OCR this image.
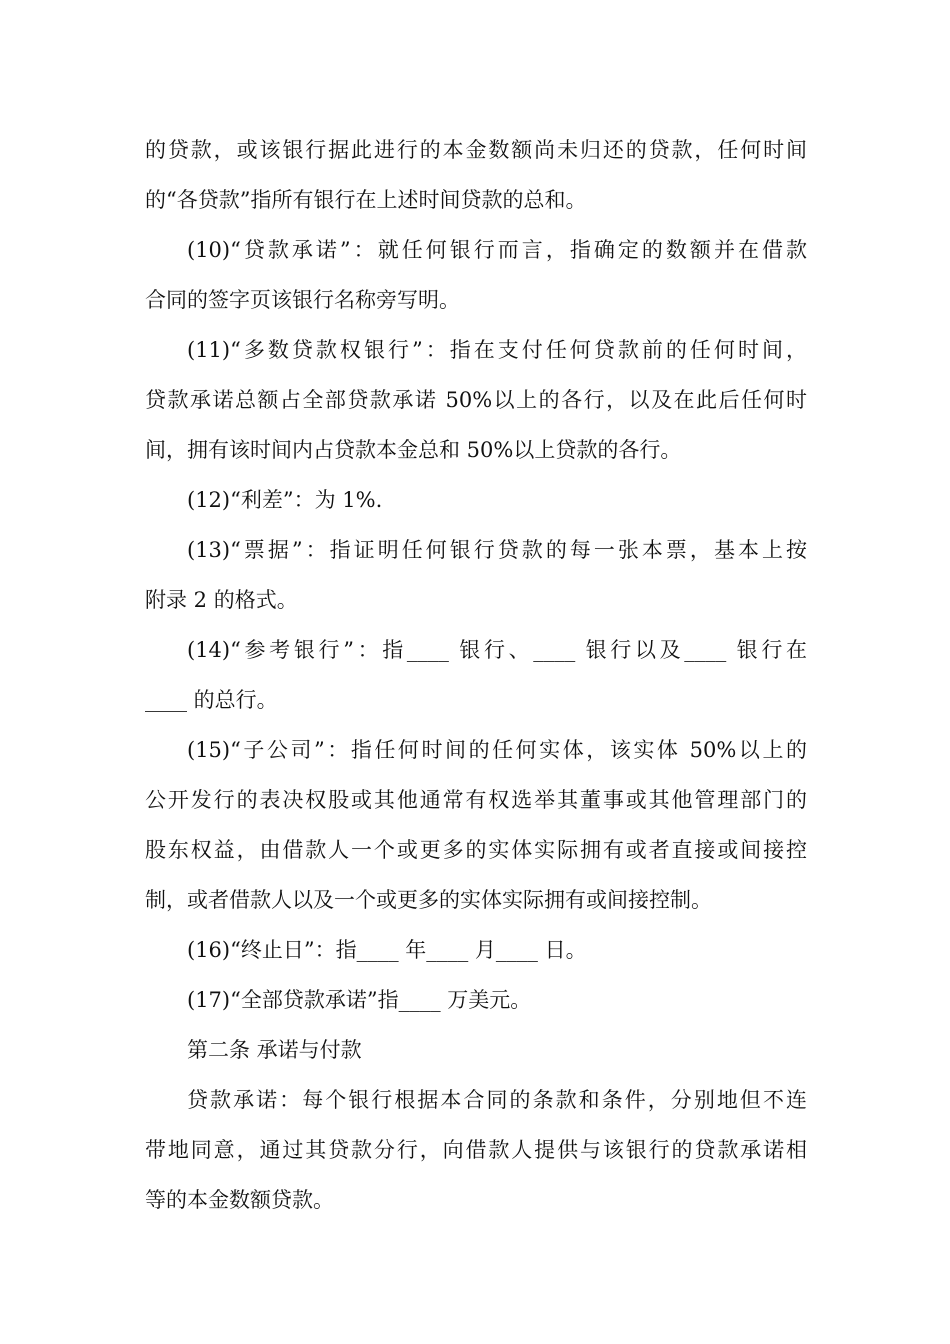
的贷款，或该银行据此进行的本金数额尚未归还的贷款，任何时间
的“各贷款”指所有银行在上述时间贷款的总和。
(10)“贷款承诺”：就任何银行而言，指确定的数额并在借款
合同的签字页该银行名称旁写明。
(11)“多数贷款权银行”：指在支付任何贷款前的任何时间，
贷款承诺总额占全部贷款承诺 50%以上的各行，以及在此后任何时
间，拥有该时间内占贷款本金总和 50%以上贷款的各行。
(12)“利差”：为 1%.
(13)“票据”：指证明任何银行贷款的每一张本票，基本上按
附录 2 的格式。
(14)“参考银行”：指____ 银行、____ 银行以及____ 银行在
____ 的总行。
(15)“子公司”：指任何时间的任何实体，该实体 50%以上的
公开发行的表决权股或其他通常有权选举其董事或其他管理部门的
股东权益，由借款人一个或更多的实体实际拥有或者直接或间接控
制，或者借款人以及一个或更多的实体实际拥有或间接控制。
(16)“终止日”：指____ 年____ 月____ 日。
(17)“全部贷款承诺”指____ 万美元。
第二条 承诺与付款
贷款承诺：每个银行根据本合同的条款和条件，分别地但不连
带地同意，通过其贷款分行，向借款人提供与该银行的贷款承诺相
等的本金数额贷款。
